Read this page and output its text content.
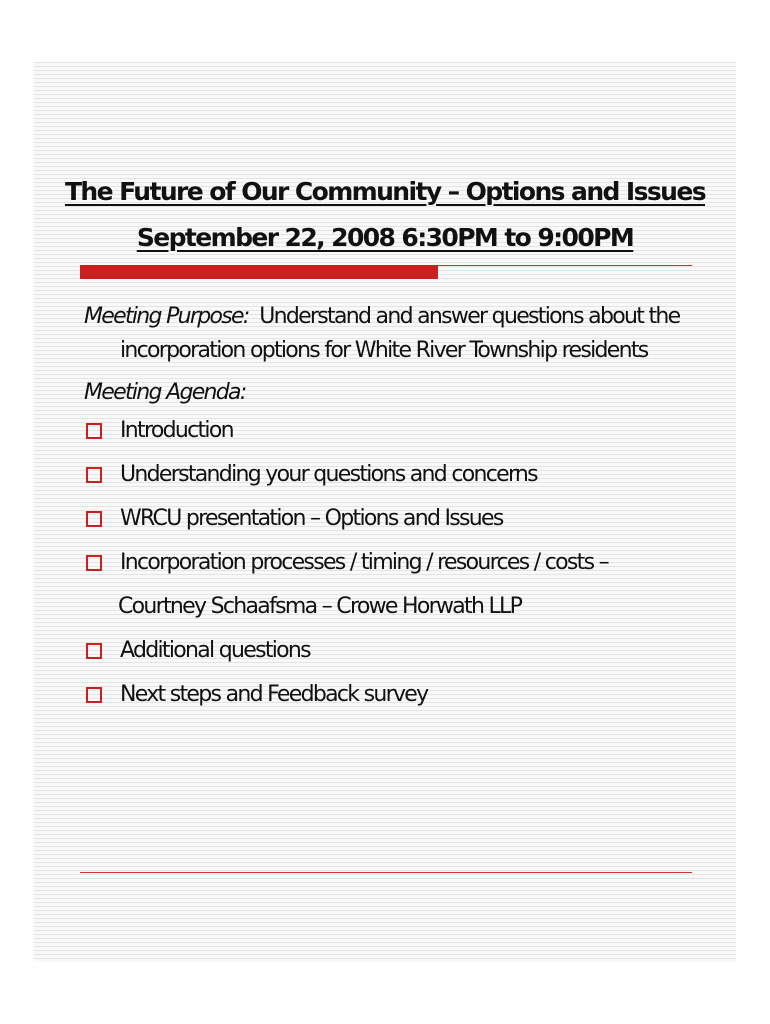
The Future of Our Community – Options and Issues
September 22, 2008 6:30PM to 9:00PM

Meeting Purpose: Understand and answer questions about the incorporation options for White River Township residents

Meeting Agenda:
Introduction
Understanding your questions and concerns
WRCU presentation – Options and Issues
Incorporation processes / timing / resources / costs –
Courtney Schaafsma – Crowe Horwath LLP
Additional questions
Next steps and Feedback survey
